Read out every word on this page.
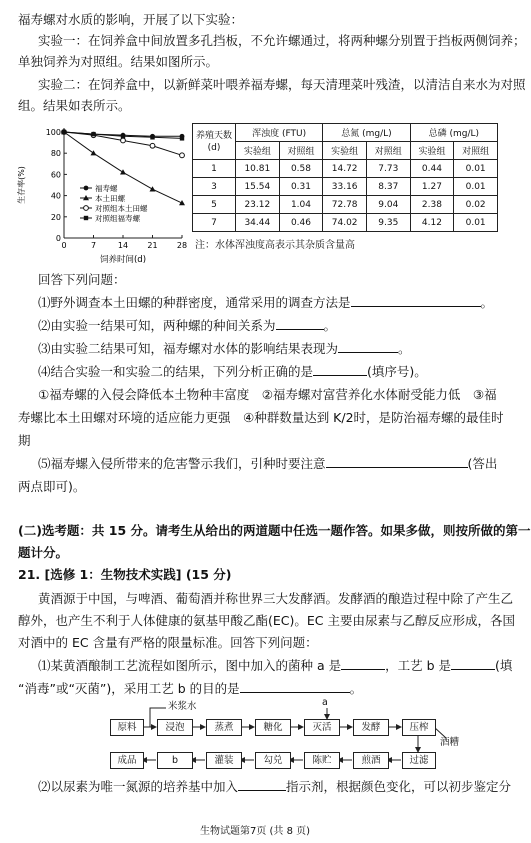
福寿螺对水质的影响，开展了以下实验：
实验一：在饲养盒中间放置多孔挡板，不允许螺通过，将两种螺分别置于挡板两侧饲养；
单独饲养为对照组。结果如图所示。
实验二：在饲养盒中，以新鲜菜叶喂养福寿螺，每天清理菜叶残渣，以清洁自来水为对照
组。结果如表所示。
0
20
40
60
80
100
0	7	14 21 28
生存率(%)
饲养时间(d)
福寿螺
本土田螺
对照组本土田螺
对照组福寿螺
养殖天数
(d)	浑浊度 (FTU)		总氮 (mg/L)		总磷 (mg/L)	
	实验组	对照组	实验组	对照组	实验组	对照组
1	10.81	0.58	14.72	7.73	0.44	0.01
3	15.54	0.31	33.16	8.37	1.27	0.01
5	23.12	1.04	72.78	9.04	2.38	0.02
7	34.44	0.46	74.02	9.35	4.12	0.01
注：水体浑浊度高表示其杂质含量高
回答下列问题：
⑴野外调查本土田螺的种群密度，通常采用的调查方法是	。
⑵由实验一结果可知，两种螺的种间关系为	。
⑶由实验二结果可知，福寿螺对水体的影响结果表现为	。
⑷结合实验一和实验二的结果，下列分析正确的是	(填序号)。
①福寿螺的入侵会降低本土物种丰富度　②福寿螺对富营养化水体耐受能力低　③福
寿螺比本土田螺对环境的适应能力更强　④种群数量达到 K/2时，是防治福寿螺的最佳时
期
⑸福寿螺入侵所带来的危害警示我们，引种时要注意	(答出
两点即可)。
(二)选考题：共 15 分。请考生从给出的两道题中任选一题作答。如果多做，则按所做的第一
题计分。
21. [选修 1：生物技术实践] (15 分)
黄酒源于中国，与啤酒、葡萄酒并称世界三大发酵酒。发酵酒的酿造过程中除了产生乙
醇外，也产生不利于人体健康的氨基甲酸乙酯(EC)。EC 主要由尿素与乙醇反应形成，各国
对酒中的 EC 含量有严格的限量标准。回答下列问题：
⑴某黄酒酿制工艺流程如图所示，图中加入的菌种 a 是	，工艺 b 是	(填
“消毒”或“灭菌”)，采用工艺 b 的目的是	。
原料	浸泡	蒸煮	糖化	灭活	发酵	压榨
成品	b	灌装	勾兑	陈贮	煎酒	过滤
米浆水	a
酒糟
⑵以尿素为唯一氮源的培养基中加入	指示剂，根据颜色变化，可以初步鉴定分
生物试题第7页 (共 8 页)
